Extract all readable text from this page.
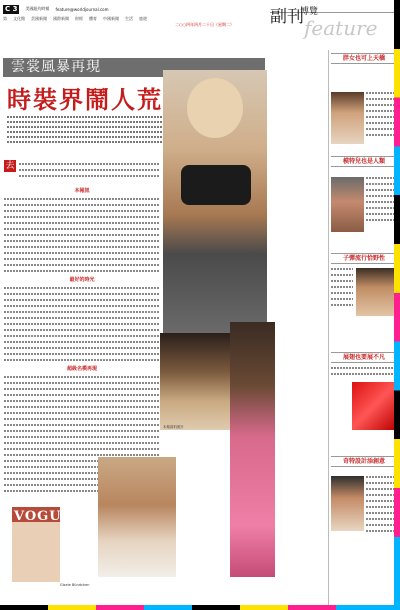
C 3	美國紐約時報 feature@worldjournal.com
第 文化館 美國新聞 國際新聞 財經 體育 中國新聞 生活 旅遊
二○○四年四月二十日（星期二） 副刊
博覽
feature
雲裳風暴再現
時裝界鬧人荒
去
本報訊
最好的時光
超級名模再現
VOGUE
本報資料照片
Gisele Bündchen
胖女也可上天橋
模特兒也是人類
子彈流行恰野性
展翅也要展不凡
奇特設計添創意
